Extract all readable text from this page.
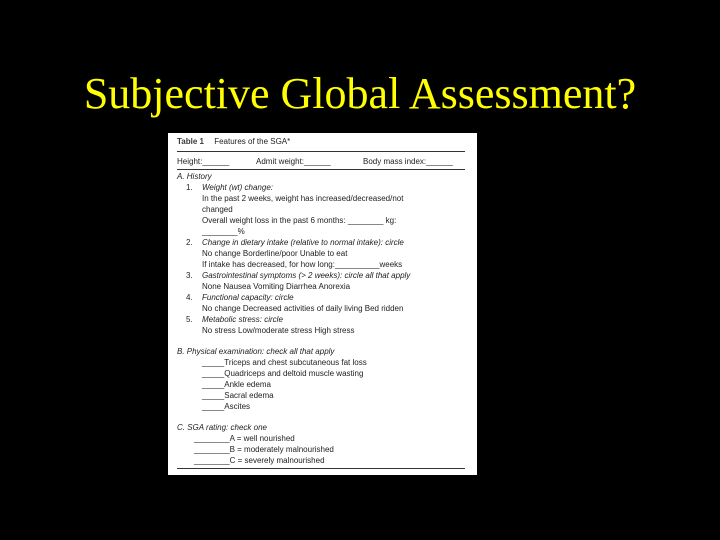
Subjective Global Assessment?
Table 1 Features of the SGA*
Height:______	Admit weight:______	Body mass index:______
A. History
1. Weight (wt) change:
In the past 2 weeks, weight has increased/decreased/not
changed
Overall weight loss in the past 6 months: ________ kg:
________%
2. Change in dietary intake (relative to normal intake): circle
No change Borderline/poor Unable to eat
If intake has decreased, for how long:__________weeks
3. Gastrointestinal symptoms (> 2 weeks): circle all that apply
None Nausea Vomiting Diarrhea Anorexia
4. Functional capacity: circle
No change Decreased activities of daily living Bed ridden
5. Metabolic stress: circle
No stress Low/moderate stress High stress
B. Physical examination: check all that apply
_____Triceps and chest subcutaneous fat loss
_____Quadriceps and deltoid muscle wasting
_____Ankle edema
_____Sacral edema
_____Ascites
C. SGA rating: check one
________A = well nourished
________B = moderately malnourished
________C = severely malnourished
